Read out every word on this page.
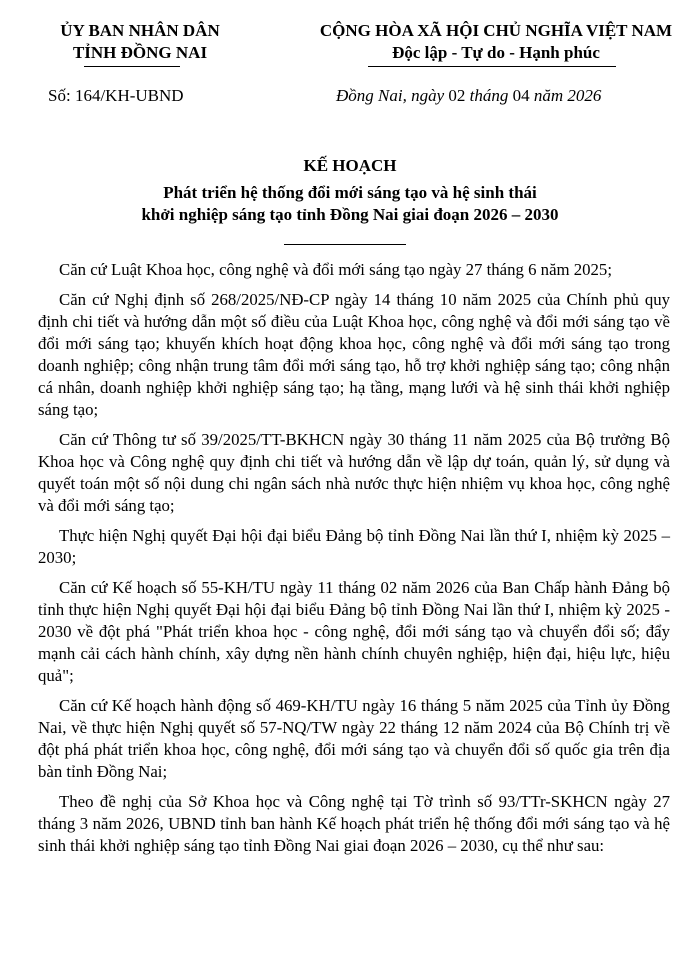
ỦY BAN NHÂN DÂN
TỈNH ĐỒNG NAI
CỘNG HÒA XÃ HỘI CHỦ NGHĨA VIỆT NAM
Độc lập - Tự do - Hạnh phúc
Số: 164/KH-UBND	Đồng Nai, ngày 02 tháng 04 năm 2026
KẾ HOẠCH
Phát triển hệ thống đổi mới sáng tạo và hệ sinh thái
khởi nghiệp sáng tạo tỉnh Đồng Nai giai đoạn 2026 – 2030

Căn cứ Luật Khoa học, công nghệ và đổi mới sáng tạo ngày 27 tháng 6 năm 2025;

Căn cứ Nghị định số 268/2025/NĐ-CP ngày 14 tháng 10 năm 2025 của Chính phủ quy định chi tiết và hướng dẫn một số điều của Luật Khoa học, công nghệ và đổi mới sáng tạo về đổi mới sáng tạo; khuyến khích hoạt động khoa học, công nghệ và đổi mới sáng tạo trong doanh nghiệp; công nhận trung tâm đổi mới sáng tạo, hỗ trợ khởi nghiệp sáng tạo; công nhận cá nhân, doanh nghiệp khởi nghiệp sáng tạo; hạ tầng, mạng lưới và hệ sinh thái khởi nghiệp sáng tạo;

Căn cứ Thông tư số 39/2025/TT-BKHCN ngày 30 tháng 11 năm 2025 của Bộ trưởng Bộ Khoa học và Công nghệ quy định chi tiết và hướng dẫn về lập dự toán, quản lý, sử dụng và quyết toán một số nội dung chi ngân sách nhà nước thực hiện nhiệm vụ khoa học, công nghệ và đổi mới sáng tạo;

Thực hiện Nghị quyết Đại hội đại biểu Đảng bộ tỉnh Đồng Nai lần thứ I, nhiệm kỳ 2025 – 2030;

Căn cứ Kế hoạch số 55-KH/TU ngày 11 tháng 02 năm 2026 của Ban Chấp hành Đảng bộ tỉnh thực hiện Nghị quyết Đại hội đại biểu Đảng bộ tỉnh Đồng Nai lần thứ I, nhiệm kỳ 2025 - 2030 về đột phá "Phát triển khoa học - công nghệ, đổi mới sáng tạo và chuyển đổi số; đẩy mạnh cải cách hành chính, xây dựng nền hành chính chuyên nghiệp, hiện đại, hiệu lực, hiệu quả";

Căn cứ Kế hoạch hành động số 469-KH/TU ngày 16 tháng 5 năm 2025 của Tỉnh ủy Đồng Nai, về thực hiện Nghị quyết số 57-NQ/TW ngày 22 tháng 12 năm 2024 của Bộ Chính trị về đột phá phát triển khoa học, công nghệ, đổi mới sáng tạo và chuyển đổi số quốc gia trên địa bàn tỉnh Đồng Nai;

Theo đề nghị của Sở Khoa học và Công nghệ tại Tờ trình số 93/TTr-SKHCN ngày 27 tháng 3 năm 2026, UBND tỉnh ban hành Kế hoạch phát triển hệ thống đổi mới sáng tạo và hệ sinh thái khởi nghiệp sáng tạo tỉnh Đồng Nai giai đoạn 2026 – 2030, cụ thể như sau:
